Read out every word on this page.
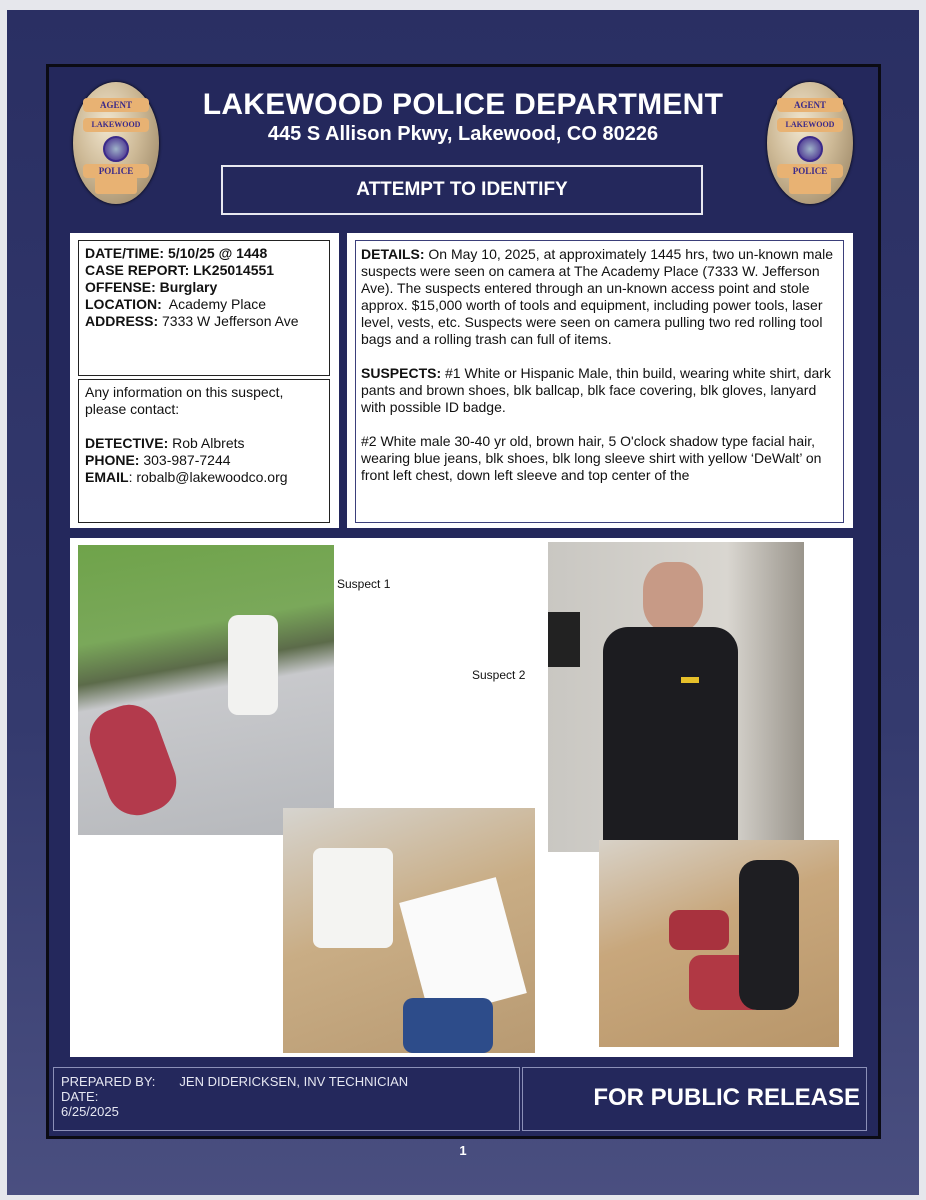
AGENT
LAKEWOOD
POLICE
AGENT
LAKEWOOD
POLICE
LAKEWOOD POLICE DEPARTMENT
445 S Allison Pkwy, Lakewood, CO 80226
ATTEMPT TO IDENTIFY
DATE/TIME: 5/10/25 @ 1448
CASE REPORT: LK25014551
OFFENSE: Burglary
LOCATION: Academy Place
ADDRESS: 7333 W Jefferson Ave
Any information on this suspect, please contact:
DETECTIVE: Rob Albrets
PHONE: 303-987-7244
EMAIL: robalb@lakewoodco.org

DETAILS: On May 10, 2025, at approximately 1445 hrs, two un-known male suspects were seen on camera at The Academy Place (7333 W. Jefferson Ave). The suspects entered through an un-known access point and stole approx. $15,000 worth of tools and equipment, including power tools, laser level, vests, etc. Suspects were seen on camera pulling two red rolling tool bags and a rolling trash can full of items.

SUSPECTS: #1 White or Hispanic Male, thin build, wearing white shirt, dark pants and brown shoes, blk ballcap, blk face covering, blk gloves, lanyard with possible ID badge.

#2 White male 30-40 yr old, brown hair, 5 O'clock shadow type facial hair, wearing blue jeans, blk shoes, blk long sleeve shirt with yellow ‘DeWalt’ on front left chest, down left sleeve and top center of the

Suspect 1
Suspect 2
PREPARED BY: JEN DIDERICKSEN, INV TECHNICIAN
DATE:
6/25/2025
FOR PUBLIC RELEASE
1
